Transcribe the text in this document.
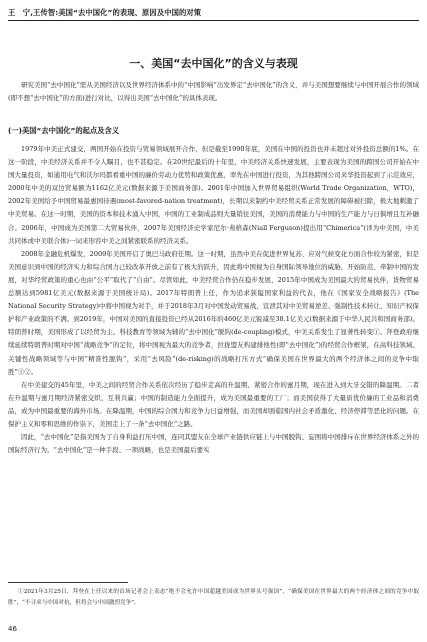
王　宁,王传智:美国“去中国化”的表现、原因及中国的对策
一、美国“去中国化”的含义与表现

研究美国“去中国化”需从美国经济以及世界经济体系中的“中国影响”出发界定“去中国化”的含义，并与美国想要继续与中国开展合作的领域(即不想“去中国化”的方面)进行对比，以得出美国“去中国化”的具体表现。

(一)美国“去中国化”的起点及含义

1979年中美正式建交，两国开始在投资与贸易领域展开合作，但是截至1990年底，美国在中国的投资也并未超过对外投资总额的1%。在这一阶段，中美经济关系并不令人瞩目，也不甚稳定。在20世纪最后的十年里，中美经济关系快速发展，主要表现为美国的跨国公司开始在中国大量投资，如通用电气和沃尔玛都看重中国的廉价劳动力优势和政策优惠，率先在中国进行投资，为其他跨国公司来华投资起到了示范效应，2000年中美的双边贸易额为1162亿美元(数据来源于美国商务部)。2001年中国加入世界贸易组织(World Trade Organization，WTO)，2002年美国给予中国贸易最惠国待遇(most-favored-nation treatment)，长期以来制约中美经贸关系正常发展的障碍被扫除，极大地刺激了中美贸易。在这一时期，美国的资本和技术涌入中国，中国的工业制成品则大量销往美国，美国的消费能力与中国的生产能力与日俱增且互补融合。2006年，中国成为美国第二大贸易伙伴，2007年美国经济史学家尼尔·弗格森(Niall Ferguson)提出用“Chimerica”(译为中美国，中美共同体或中美联合体)一词来形容中美之间紧密联系的经济关系。

2008年金融危机爆发，2009年美国开启了奥巴马政府任期。这一时期，虽然中美在促进世界复苏、应对气候变化方面合作较为紧密，但是美国意识到中国的经济实力和综合国力已较改革开放之前有了极大的跃升，因此将中国视为自身国际领导地位的威胁，开始防范、牵制中国的发展，对华经贸政策的重心也由“公平”取代了“自由”。尽管如此，中美经贸合作仍在稳步发展，2015年中国成为美国最大的贸易伙伴，货物贸易总额达到5981亿美元(数据来源于美国统计局)。2017年特朗普上任，作为追求狭隘国家利益的代表，他在《国家安全战略报告》(The National Security Strategy)中将中国视为对手，并于2018年3月对中国发动贸易战，宣泄其对中美贸易逆差、强制性技术转让、知识产权保护和产业政策的不满。到2019年，中国对美国的直接投资已经从2016年的460亿美元锐减至38.1亿美元(数据来源于中华人民共和国商务部)。特朗普时期，美国形成了以经贸为主、科技教育等领域为辅的“去中国化”脱钩(de-coupling)模式，中美关系发生了显著性转变①。拜登政府继续延续特朗普时期对中国“战略竞争”的定位，将中国视为最大的竞争者，拉拢盟友构建排他性(即“去中国化”)的经贸合作框架，在高科技领域、关键性战略领域等与中国“精准性脱钩”，采用“去风险”(de-risking)的战略打压方式“确保美国在世界最大的两个经济体之间的竞争中取胜”①②。

在中美建交的45年里，中美之间的经贸合作关系依次经历了稳步走高的升温期、紧密合作的蜜月期，现在进入到大牙交错的降温期。二者在升温期与蜜月期经济紧密交织、互利共赢；中国的制造能力全面提升，成为美国最重要的工厂；而美国获得了大量质优价廉的工业品和消费品，成为中国最重要的海外市场。在降温期，中国的综合国力和竞争力日益增强，而美国却面临国内社会矛盾激化、经济停滞等恶化的问题。在保护主义和零和思维的作祟下，美国走上了一条“去中国化”之路。

因此，“去中国化”是指美国为了自身利益打压中国，连同其盟友在全球产业链供应链上与中国脱钩、妄图将中国排斥在世界经济体系之外的国际经济行为。“去中国化”是一种手段、一项战略，也是美国最后要实

①2021年3月25日，拜登在上任以来的首场记者会上表态“绝不会允许中国超越美国成为世界头号强国”，“确保美国在世界最大的两个经济体之间的竞争中取胜”，“不寻求与中国对抗，但将会与中国激烈竞争”。

46
